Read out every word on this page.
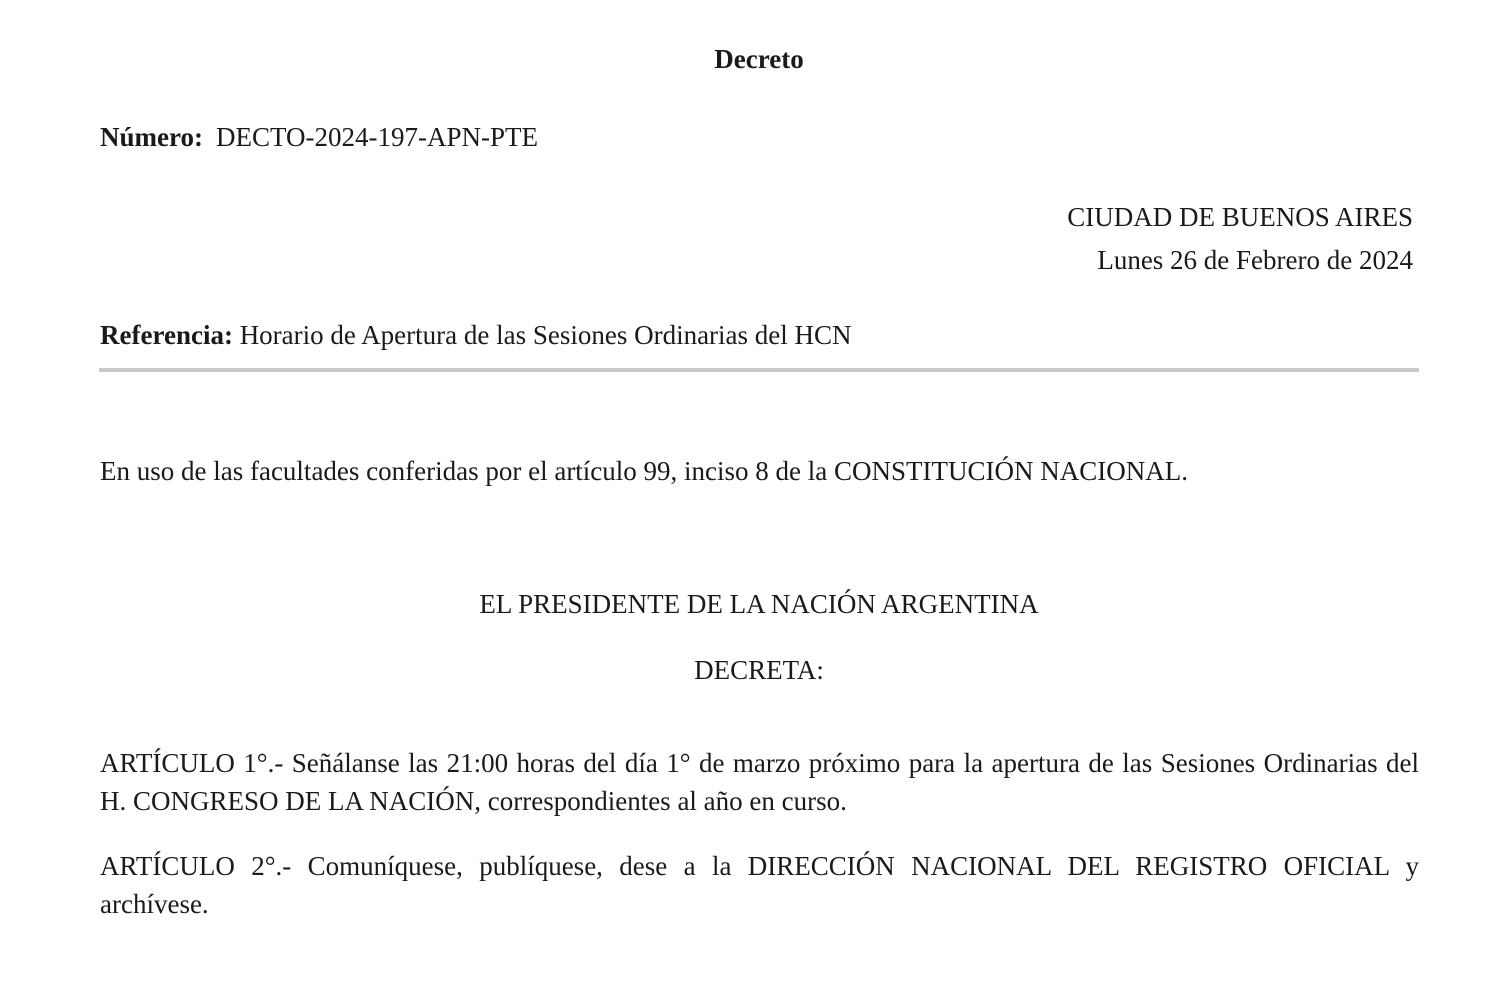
Decreto
Número: DECTO-2024-197-APN-PTE
CIUDAD DE BUENOS AIRES
Lunes 26 de Febrero de 2024
Referencia: Horario de Apertura de las Sesiones Ordinarias del HCN
En uso de las facultades conferidas por el artículo 99, inciso 8 de la CONSTITUCIÓN NACIONAL.
EL PRESIDENTE DE LA NACIÓN ARGENTINA
DECRETA:

ARTÍCULO 1°.- Señálanse las 21:00 horas del día 1° de marzo próximo para la apertura de las Sesiones Ordinarias del H. CONGRESO DE LA NACIÓN, correspondientes al año en curso.

ARTÍCULO 2°.- Comuníquese, publíquese, dese a la DIRECCIÓN NACIONAL DEL REGISTRO OFICIAL y archívese.
